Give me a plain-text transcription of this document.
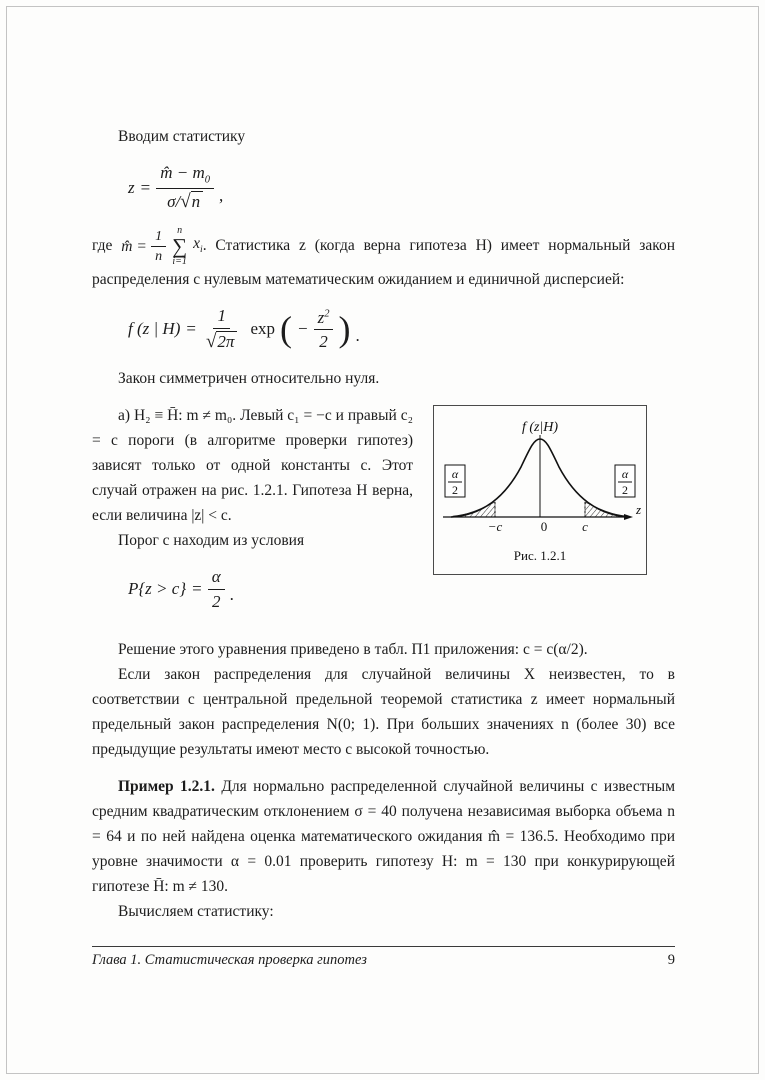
Вводим статистику

$z = \frac{m̂ - m_0}{\sigma/√n}$ ,

где m̂ = $\frac{1}{n}$ n
∑
i=1
$x_i$ . Статистика z (когда верна гипотеза H) имеет нормальный закон распределения с нулевым математическим ожиданием и единичной дисперсией:

f (z | $H) = \frac{1}{√2\pi}$ exp ( − $\frac{z^2}{2}$ ) .

Закон симметричен относительно нуля.

а) H₂ ≡ H̄: m ≠ m₀. Левый c₁ = −c и правый c₂ = c пороги (в алгоритме проверки гипотез) зависят только от одной константы c. Этот случай отражен на рис. 1.2.1. Гипотеза H верна, если величина |z| < c.

Порог c находим из условия

$P\{z > c\} = \frac{\alpha}{2}$ .
f (z|H)
z
−c	0	c
α
2
α
2
Рис. 1.2.1

Решение этого уравнения приведено в табл. П1 приложения: c = c(α/2).

Если закон распределения для случайной величины X неизвестен, то в соответствии с центральной предельной теоремой статистика z имеет нормальный предельный закон распределения N(0; 1). При больших значениях n (более 30) все предыдущие результаты имеют место с высокой точностью.

Пример 1.2.1. Для нормально распределенной случайной величины с известным средним квадратическим отклонением σ = 40 получена независимая выборка объема n = 64 и по ней найдена оценка математического ожидания m̂ = 136.5. Необходимо при уровне значимости α = 0.01 проверить гипотезу H: m = 130 при конкурирующей гипотезе H̄: m ≠ 130.

Вычисляем статистику:

Глава 1. Статистическая проверка гипотез	9
